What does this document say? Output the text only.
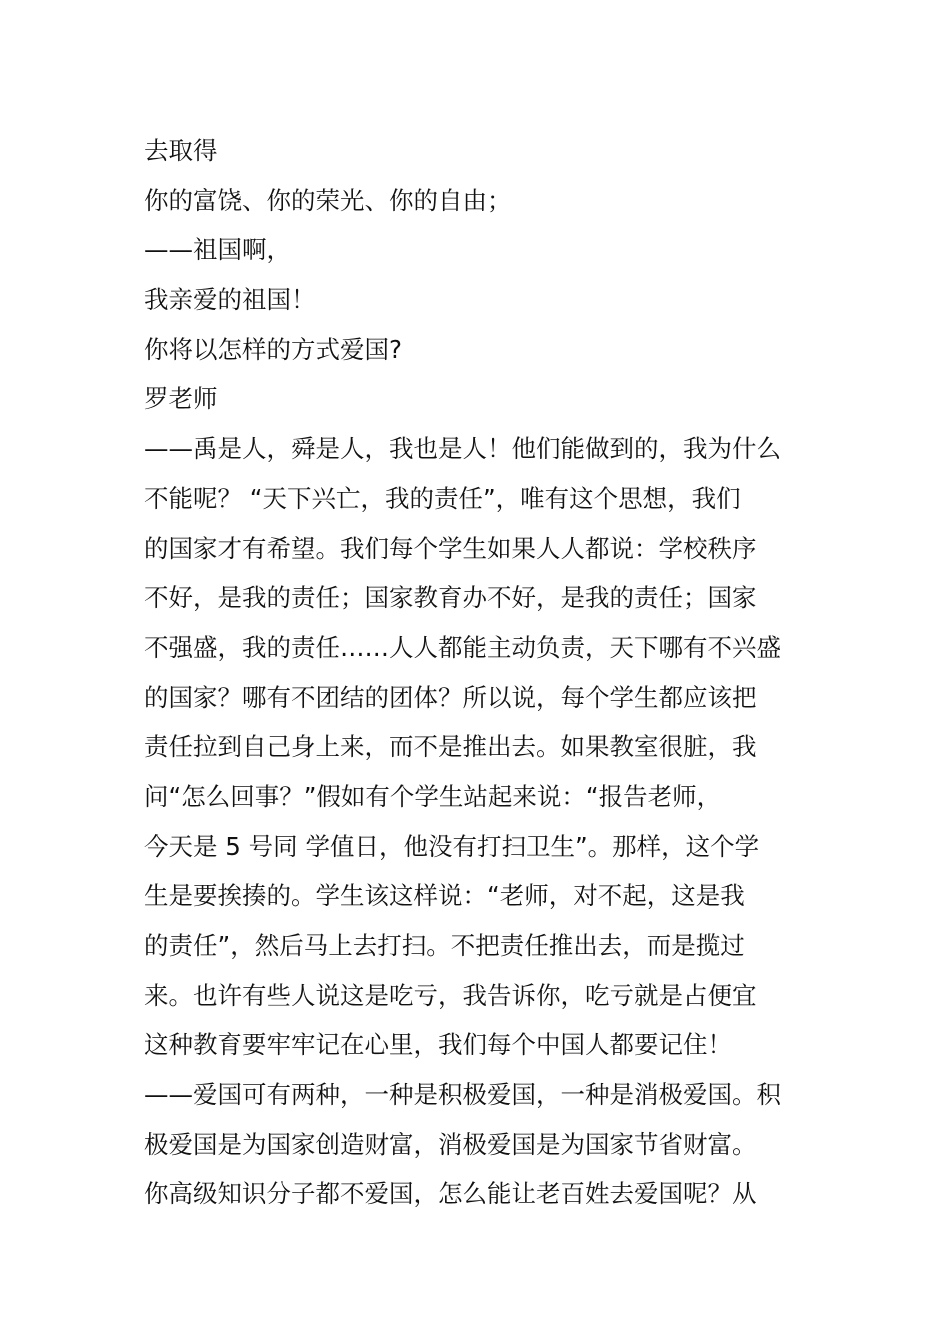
去取得
你的富饶、你的荣光、你的自由；
——祖国啊，
我亲爱的祖国！
你将以怎样的方式爱国?
罗老师
——禹是人，舜是人，我也是人！他们能做到的，我为什么
不能呢？ “天下兴亡，我的责任”，唯有这个思想，我们
的国家才有希望。我们每个学生如果人人都说：学校秩序
不好，是我的责任；国家教育办不好，是我的责任；国家
不强盛，我的责任……人人都能主动负责，天下哪有不兴盛
的国家？哪有不团结的团体？所以说，每个学生都应该把
责任拉到自己身上来，而不是推出去。如果教室很脏，我
问“怎么回事？”假如有个学生站起来说：“报告老师，
今天是 5 号同 学值日，他没有打扫卫生”。那样，这个学
生是要挨揍的。学生该这样说：“老师，对不起，这是我
的责任”，然后马上去打扫。不把责任推出去，而是揽过
来。也许有些人说这是吃亏，我告诉你，吃亏就是占便宜
这种教育要牢牢记在心里，我们每个中国人都要记住！
——爱国可有两种，一种是积极爱国，一种是消极爱国。积
极爱国是为国家创造财富，消极爱国是为国家节省财富。
你高级知识分子都不爱国，怎么能让老百姓去爱国呢？从
